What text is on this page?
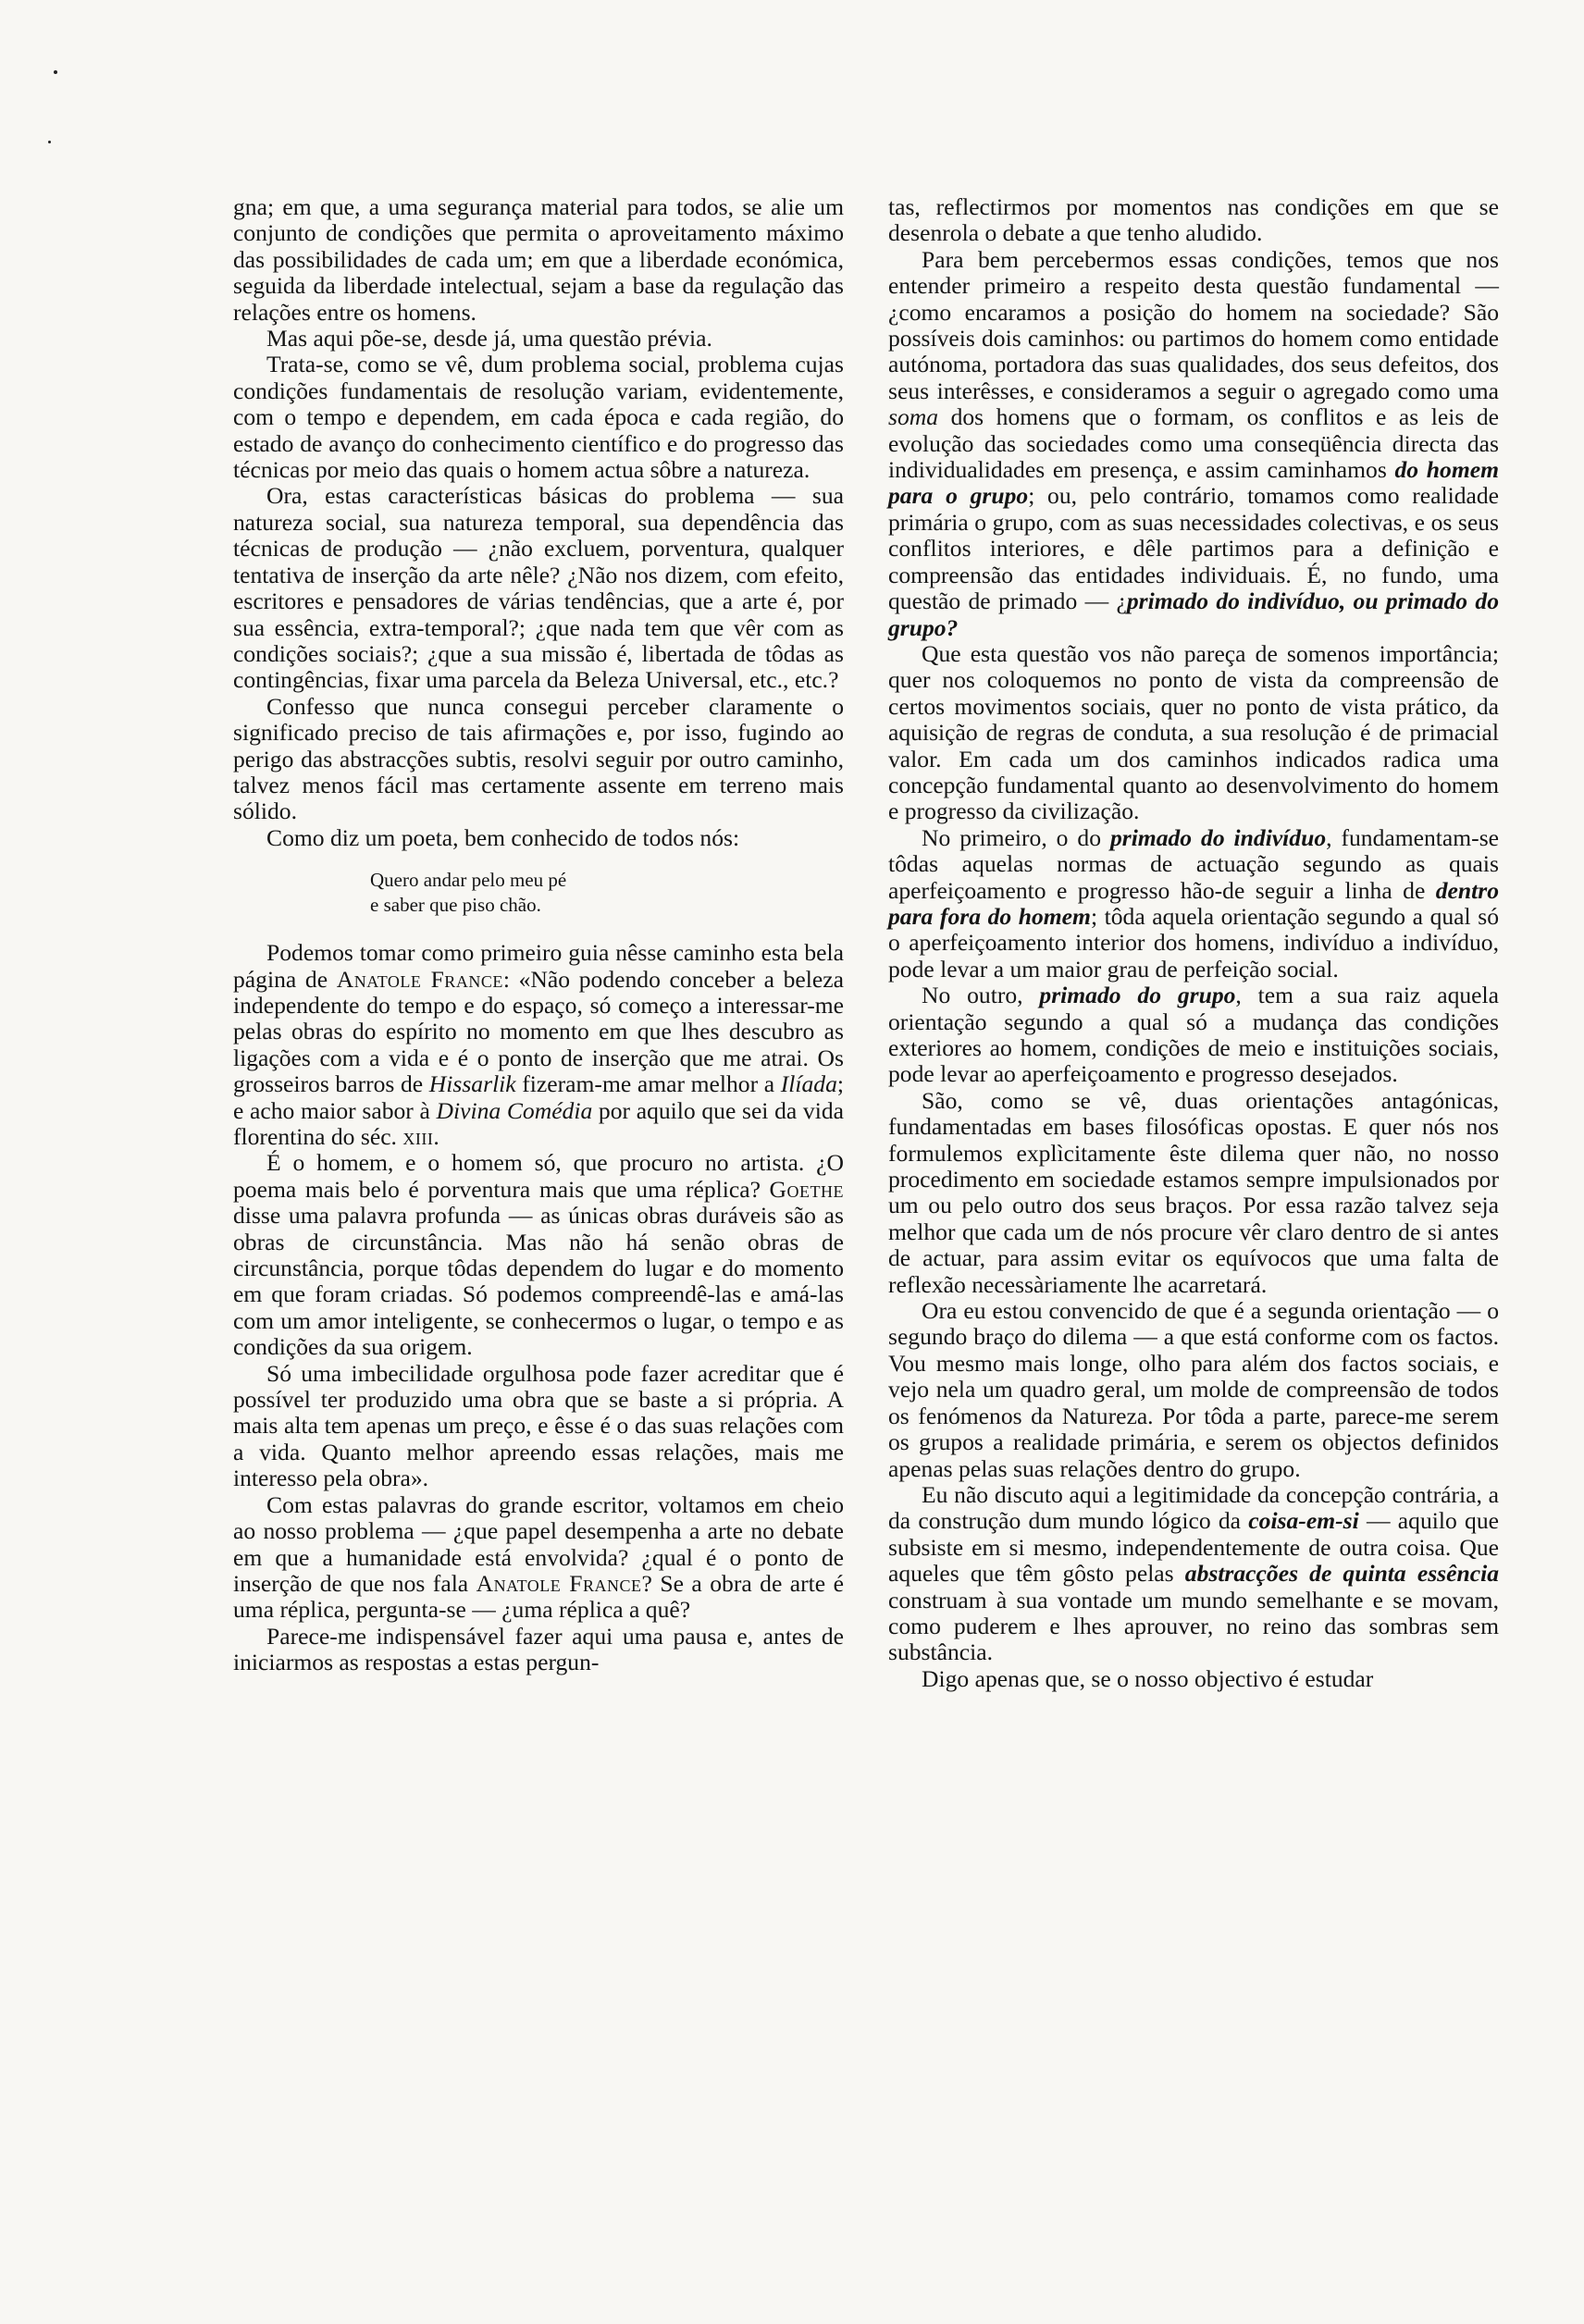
gna; em que, a uma segurança material para todos, se alie um conjunto de condições que permita o aproveitamento máximo das possibilidades de cada um; em que a liberdade económica, seguida da liberdade intelectual, sejam a base da regulação das relações entre os homens.

Mas aqui põe-se, desde já, uma questão prévia.

Trata-se, como se vê, dum problema social, problema cujas condições fundamentais de resolução variam, evidentemente, com o tempo e dependem, em cada época e cada região, do estado de avanço do conhecimento científico e do progresso das técnicas por meio das quais o homem actua sôbre a natureza.

Ora, estas características básicas do problema — sua natureza social, sua natureza temporal, sua dependência das técnicas de produção — ¿não excluem, porventura, qualquer tentativa de inserção da arte nêle? ¿Não nos dizem, com efeito, escritores e pensadores de várias tendências, que a arte é, por sua essência, extra-temporal?; ¿que nada tem que vêr com as condições sociais?; ¿que a sua missão é, libertada de tôdas as contingências, fixar uma parcela da Beleza Universal, etc., etc.?

Confesso que nunca consegui perceber claramente o significado preciso de tais afirmações e, por isso, fugindo ao perigo das abstracções subtis, resolvi seguir por outro caminho, talvez menos fácil mas certamente assente em terreno mais sólido.

Como diz um poeta, bem conhecido de todos nós:

Quero andar pelo meu pé
e saber que piso chão.

Podemos tomar como primeiro guia nêsse caminho esta bela página de Anatole France: «Não podendo conceber a beleza independente do tempo e do espaço, só começo a interessar-me pelas obras do espírito no momento em que lhes descubro as ligações com a vida e é o ponto de inserção que me atrai. Os grosseiros barros de Hissarlik fizeram-me amar melhor a Ilíada; e acho maior sabor à Divina Comédia por aquilo que sei da vida florentina do séc. xiii.

É o homem, e o homem só, que procuro no artista. ¿O poema mais belo é porventura mais que uma réplica? Goethe disse uma palavra profunda — as únicas obras duráveis são as obras de circunstância. Mas não há senão obras de circunstância, porque tôdas dependem do lugar e do momento em que foram criadas. Só podemos compreendê-las e amá-las com um amor inteligente, se conhecermos o lugar, o tempo e as condições da sua origem.

Só uma imbecilidade orgulhosa pode fazer acreditar que é possível ter produzido uma obra que se baste a si própria. A mais alta tem apenas um preço, e êsse é o das suas relações com a vida. Quanto melhor apreendo essas relações, mais me interesso pela obra».

Com estas palavras do grande escritor, voltamos em cheio ao nosso problema — ¿que papel desempenha a arte no debate em que a humanidade está envolvida? ¿qual é o ponto de inserção de que nos fala Anatole France? Se a obra de arte é uma réplica, pergunta-se — ¿uma réplica a quê?

Parece-me indispensável fazer aqui uma pausa e, antes de iniciarmos as respostas a estas pergun-

tas, reflectirmos por momentos nas condições em que se desenrola o debate a que tenho aludido.

Para bem percebermos essas condições, temos que nos entender primeiro a respeito desta questão fundamental — ¿como encaramos a posição do homem na sociedade? São possíveis dois caminhos: ou partimos do homem como entidade autónoma, portadora das suas qualidades, dos seus defeitos, dos seus interêsses, e consideramos a seguir o agregado como uma soma dos homens que o formam, os conflitos e as leis de evolução das sociedades como uma conseqüência directa das individualidades em presença, e assim caminhamos do homem para o grupo; ou, pelo contrário, tomamos como realidade primária o grupo, com as suas necessidades colectivas, e os seus conflitos interiores, e dêle partimos para a definição e compreensão das entidades individuais. É, no fundo, uma questão de primado — ¿primado do indivíduo, ou primado do grupo?

Que esta questão vos não pareça de somenos importância; quer nos coloquemos no ponto de vista da compreensão de certos movimentos sociais, quer no ponto de vista prático, da aquisição de regras de conduta, a sua resolução é de primacial valor. Em cada um dos caminhos indicados radica uma concepção fundamental quanto ao desenvolvimento do homem e progresso da civilização.

No primeiro, o do primado do indivíduo, fundamentam-se tôdas aquelas normas de actuação segundo as quais aperfeiçoamento e progresso hão-de seguir a linha de dentro para fora do homem; tôda aquela orientação segundo a qual só o aperfeiçoamento interior dos homens, indivíduo a indivíduo, pode levar a um maior grau de perfeição social.

No outro, primado do grupo, tem a sua raiz aquela orientação segundo a qual só a mudança das condições exteriores ao homem, condições de meio e instituições sociais, pode levar ao aperfeiçoamento e progresso desejados.

São, como se vê, duas orientações antagónicas, fundamentadas em bases filosóficas opostas. E quer nós nos formulemos explìcitamente êste dilema quer não, no nosso procedimento em sociedade estamos sempre impulsionados por um ou pelo outro dos seus braços. Por essa razão talvez seja melhor que cada um de nós procure vêr claro dentro de si antes de actuar, para assim evitar os equívocos que uma falta de reflexão necessàriamente lhe acarretará.

Ora eu estou convencido de que é a segunda orientação — o segundo braço do dilema — a que está conforme com os factos. Vou mesmo mais longe, olho para além dos factos sociais, e vejo nela um quadro geral, um molde de compreensão de todos os fenómenos da Natureza. Por tôda a parte, parece-me serem os grupos a realidade primária, e serem os objectos definidos apenas pelas suas relações dentro do grupo.

Eu não discuto aqui a legitimidade da concepção contrária, a da construção dum mundo lógico da coisa-em-si — aquilo que subsiste em si mesmo, independentemente de outra coisa. Que aqueles que têm gôsto pelas abstracções de quinta essência construam à sua vontade um mundo semelhante e se movam, como puderem e lhes aprouver, no reino das sombras sem substância.

Digo apenas que, se o nosso objectivo é estudar
